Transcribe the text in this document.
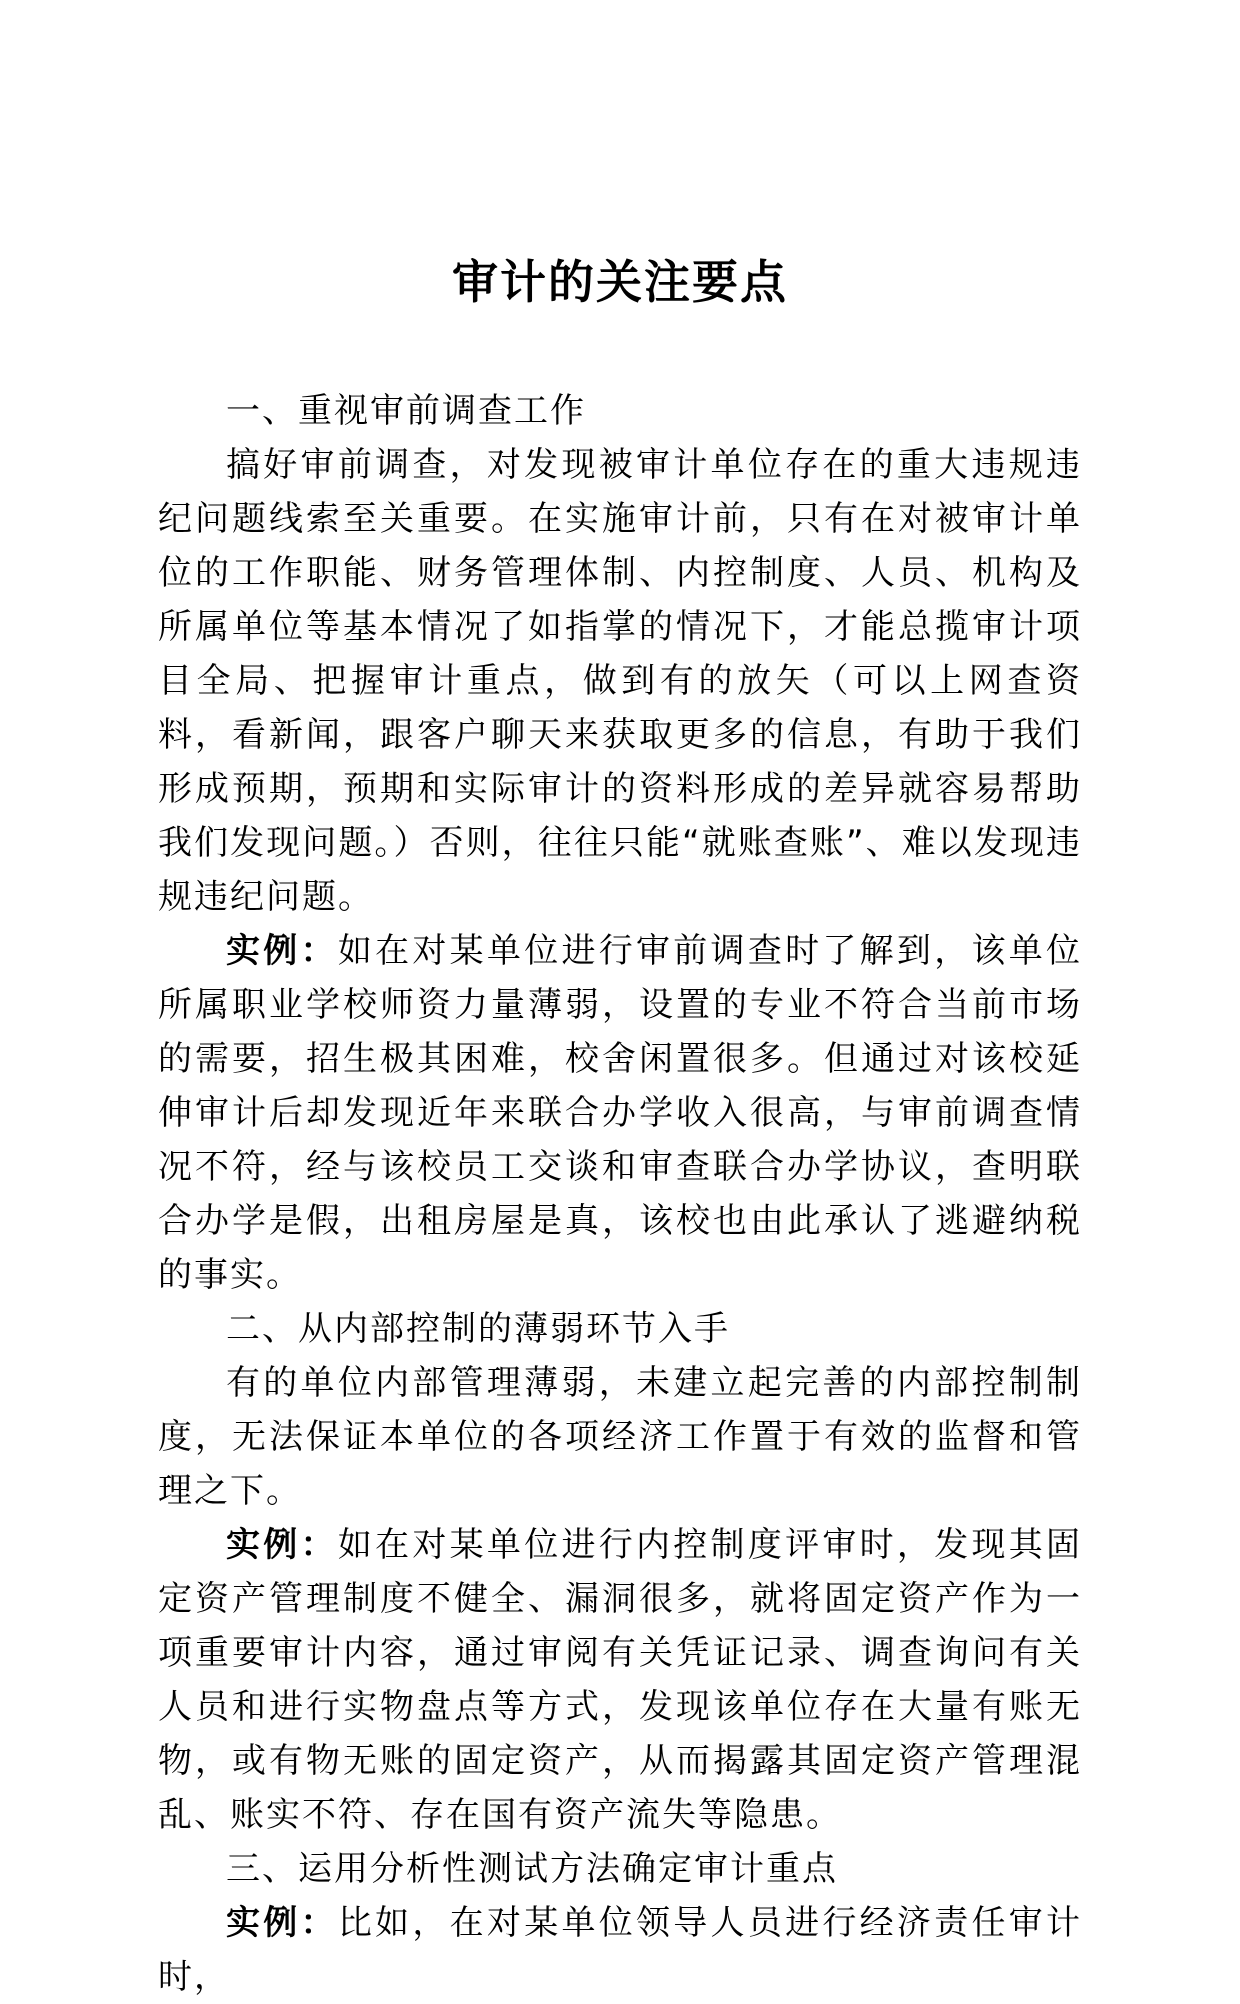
审计的关注要点
一、重视审前调查工作

搞好审前调查，对发现被审计单位存在的重大违规违纪问题线索至关重要。在实施审计前，只有在对被审计单位的工作职能、财务管理体制、内控制度、人员、机构及所属单位等基本情况了如指掌的情况下，才能总揽审计项目全局、把握审计重点，做到有的放矢（可以上网查资料，看新闻，跟客户聊天来获取更多的信息，有助于我们形成预期，预期和实际审计的资料形成的差异就容易帮助我们发现问题。）否则，往往只能“就账查账”、难以发现违规违纪问题。

实例：如在对某单位进行审前调查时了解到，该单位所属职业学校师资力量薄弱，设置的专业不符合当前市场的需要，招生极其困难，校舍闲置很多。但通过对该校延伸审计后却发现近年来联合办学收入很高，与审前调查情况不符，经与该校员工交谈和审查联合办学协议，查明联合办学是假，出租房屋是真，该校也由此承认了逃避纳税的事实。

二、从内部控制的薄弱环节入手

有的单位内部管理薄弱，未建立起完善的内部控制制度，无法保证本单位的各项经济工作置于有效的监督和管理之下。

实例：如在对某单位进行内控制度评审时，发现其固定资产管理制度不健全、漏洞很多，就将固定资产作为一项重要审计内容，通过审阅有关凭证记录、调查询问有关人员和进行实物盘点等方式，发现该单位存在大量有账无物，或有物无账的固定资产，从而揭露其固定资产管理混乱、账实不符、存在国有资产流失等隐患。

三、运用分析性测试方法确定审计重点

实例：比如，在对某单位领导人员进行经济责任审计时，
